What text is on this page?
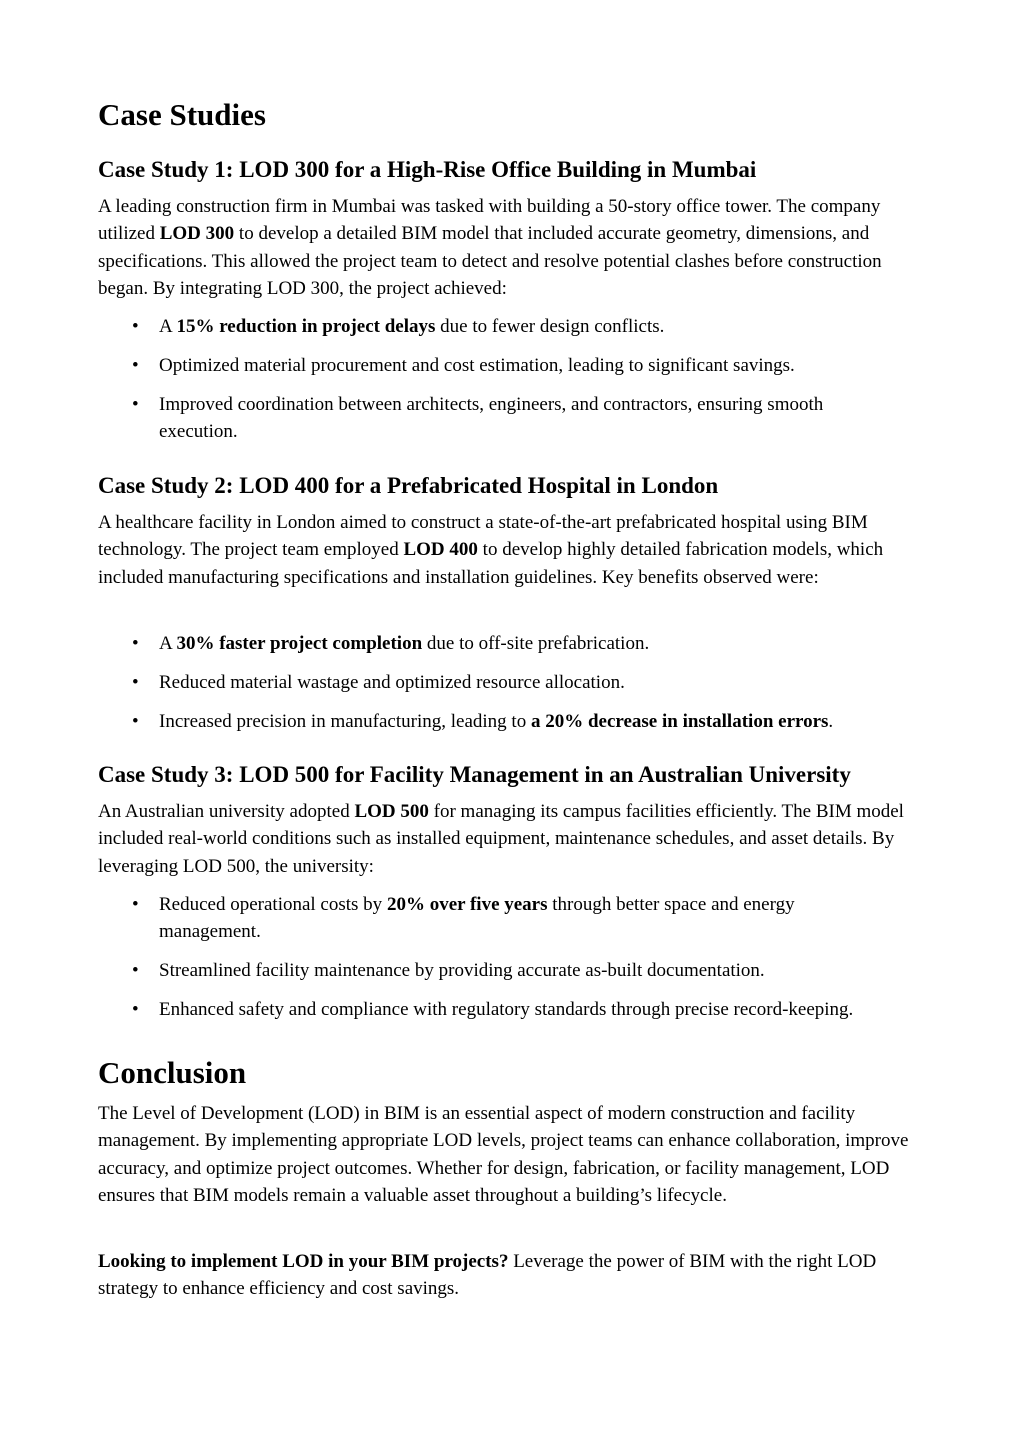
Case Studies
Case Study 1: LOD 300 for a High-Rise Office Building in Mumbai

A leading construction firm in Mumbai was tasked with building a 50-story office tower. The company utilized LOD 300 to develop a detailed BIM model that included accurate geometry, dimensions, and specifications. This allowed the project team to detect and resolve potential clashes before construction began. By integrating LOD 300, the project achieved:

• A 15% reduction in project delays due to fewer design conflicts.
• Optimized material procurement and cost estimation, leading to significant savings.
• Improved coordination between architects, engineers, and contractors, ensuring smooth execution.
Case Study 2: LOD 400 for a Prefabricated Hospital in London

A healthcare facility in London aimed to construct a state-of-the-art prefabricated hospital using BIM technology. The project team employed LOD 400 to develop highly detailed fabrication models, which included manufacturing specifications and installation guidelines. Key benefits observed were:

• A 30% faster project completion due to off-site prefabrication.
• Reduced material wastage and optimized resource allocation.
• Increased precision in manufacturing, leading to a 20% decrease in installation errors.
Case Study 3: LOD 500 for Facility Management in an Australian University

An Australian university adopted LOD 500 for managing its campus facilities efficiently. The BIM model included real-world conditions such as installed equipment, maintenance schedules, and asset details. By leveraging LOD 500, the university:

• Reduced operational costs by 20% over five years through better space and energy management.
• Streamlined facility maintenance by providing accurate as-built documentation.
• Enhanced safety and compliance with regulatory standards through precise record-keeping.
Conclusion

The Level of Development (LOD) in BIM is an essential aspect of modern construction and facility management. By implementing appropriate LOD levels, project teams can enhance collaboration, improve accuracy, and optimize project outcomes. Whether for design, fabrication, or facility management, LOD ensures that BIM models remain a valuable asset throughout a building’s lifecycle.

Looking to implement LOD in your BIM projects? Leverage the power of BIM with the right LOD strategy to enhance efficiency and cost savings.
